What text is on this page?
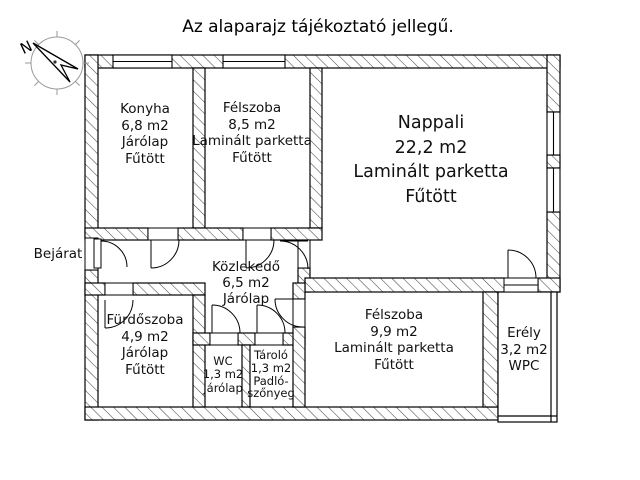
N
Az alaparajz tájékoztató jellegű.
Bejárat
Konyha
6,8 m2
Járólap
Fűtött
Félszoba
8,5 m2
Laminált parketta
Fűtött
Nappali
22,2 m2
Laminált parketta
Fűtött
Közlekedő
6,5 m2
Járólap
Fürdőszoba
4,9 m2
Járólap
Fűtött
WC
1,3 m2
Járólap
Tároló
1,3 m2
Padló-
szőnyeg
Félszoba
9,9 m2
Laminált parketta
Fűtött
Erély
3,2 m2
WPC
